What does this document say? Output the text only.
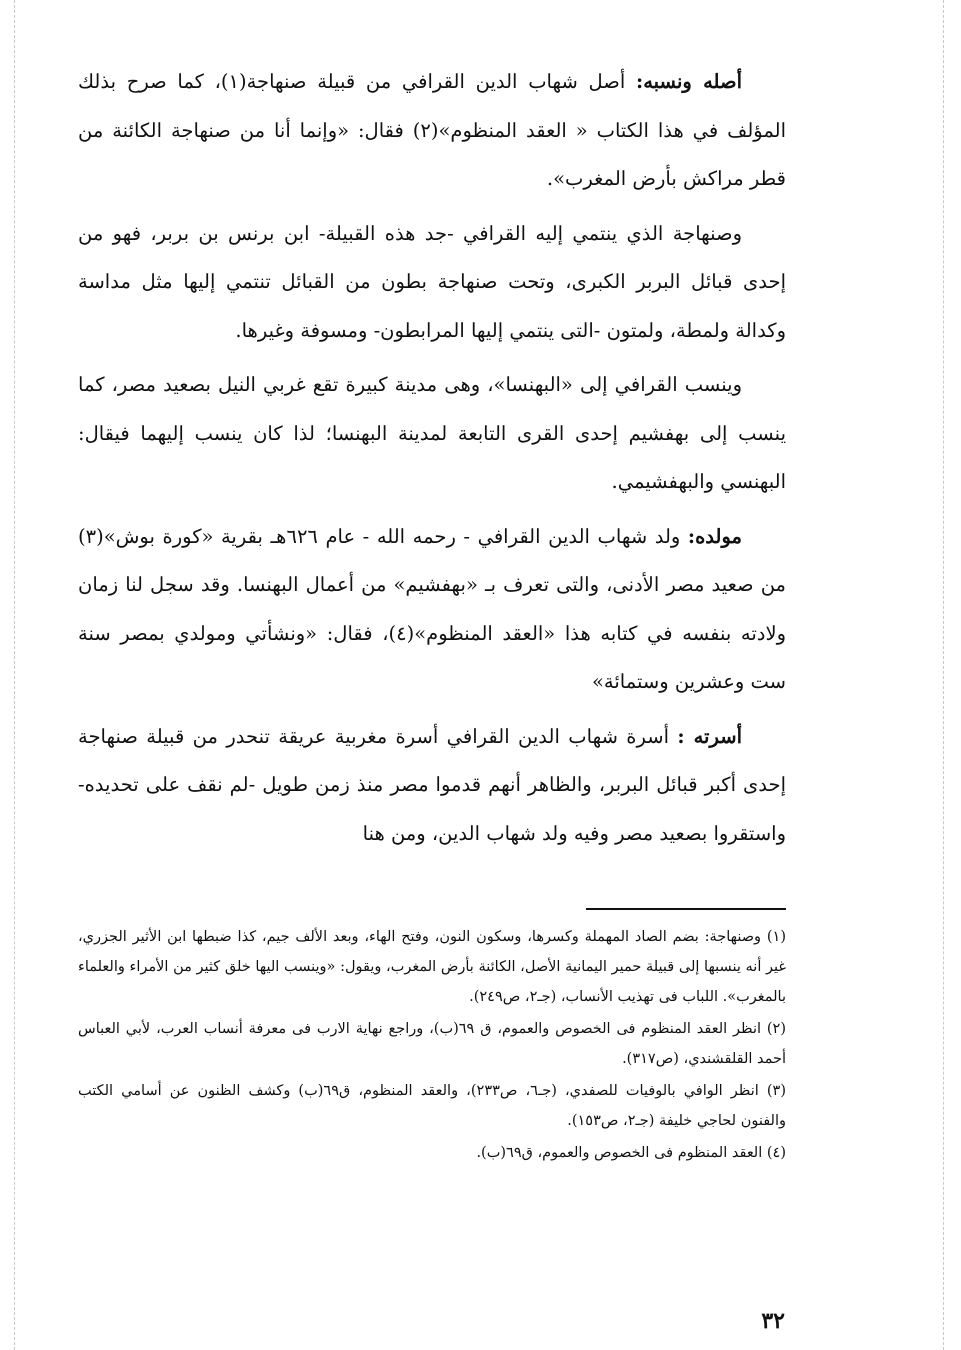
أصله ونسبه: أصل شهاب الدين القرافي من قبيلة صنهاجة(١)، كما صرح بذلك المؤلف في هذا الكتاب « العقد المنظوم»(٢) فقال: «وإنما أنا من صنهاجة الكائنة من قطر مراكش بأرض المغرب».

وصنهاجة الذي ينتمي إليه القرافي -جد هذه القبيلة- ابن برنس بن بربر، فهو من إحدى قبائل البربر الكبرى، وتحت صنهاجة بطون من القبائل تنتمي إليها مثل مداسة وكدالة ولمطة، ولمتون -التى ينتمي إليها المرابطون- ومسوفة وغيرها.

وينسب القرافي إلى «البهنسا»، وهى مدينة كبيرة تقع غربي النيل بصعيد مصر، كما ينسب إلى بهفشيم إحدى القرى التابعة لمدينة البهنسا؛ لذا كان ينسب إليهما فيقال: البهنسي والبهفشيمي.

مولده: ولد شهاب الدين القرافي - رحمه الله - عام ٦٢٦هـ بقرية «كورة بوش»(٣) من صعيد مصر الأدنى، والتى تعرف بـ «بهفشيم» من أعمال البهنسا. وقد سجل لنا زمان ولادته بنفسه في كتابه هذا «العقد المنظوم»(٤)، فقال: «ونشأتي ومولدي بمصر سنة ست وعشرين وستمائة»

أسرته : أسرة شهاب الدين القرافي أسرة مغربية عريقة تنحدر من قبيلة صنهاجة إحدى أكبر قبائل البربر، والظاهر أنهم قدموا مصر منذ زمن طويل -لم نقف على تحديده- واستقروا بصعيد مصر وفيه ولد شهاب الدين، ومن هنا

(١) وصنهاجة: بضم الصاد المهملة وكسرها، وسكون النون، وفتح الهاء، وبعد الألف جيم، كذا ضبطها ابن الأثير الجزري، غير أنه ينسبها إلى قبيلة حمير اليمانية الأصل، الكائنة بأرض المغرب، ويقول: «وينسب اليها خلق كثير من الأمراء والعلماء بالمغرب». اللباب فى تهذيب الأنساب، (جـ٢، ص٢٤٩).

(٢) انظر العقد المنظوم فى الخصوص والعموم، ق ٦٩(ب)، وراجع نهاية الارب فى معرفة أنساب العرب، لأبي العباس أحمد القلقشندي، (ص٣١٧).

(٣) انظر الوافي بالوفيات للصفدي، (جـ٦، ص٢٣٣)، والعقد المنظوم، ق٦٩(ب) وكشف الظنون عن أسامي الكتب والفنون لحاجي خليفة (جـ٢، ص١٥٣).

(٤) العقد المنظوم فى الخصوص والعموم، ق٦٩(ب).

٣٢
